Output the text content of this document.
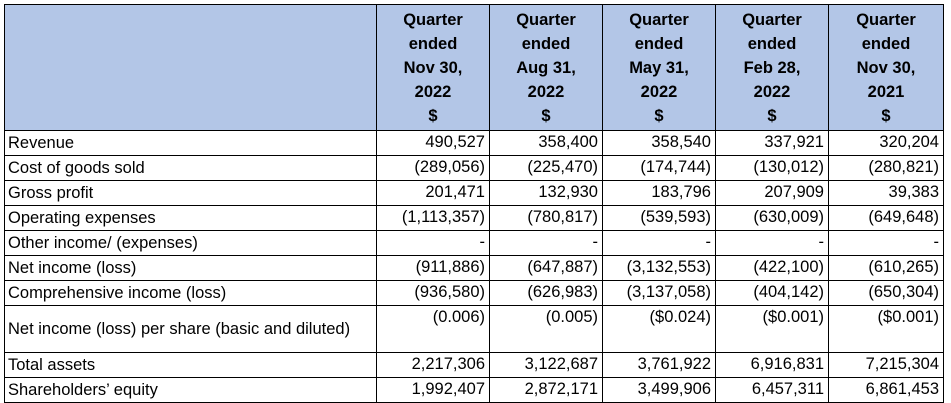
	Quarter
ended
Nov 30,
2022
$	Quarter
ended
Aug 31,
2022
$	Quarter
ended
May 31,
2022
$	Quarter
ended
Feb 28,
2022
$	Quarter
ended
Nov 30,
2021
$

Revenue	490,527	358,400	358,540	337,921	320,204
Cost of goods sold	(289,056)	(225,470)	(174,744)	(130,012)	(280,821)
Gross profit	201,471	132,930	183,796	207,909	39,383
Operating expenses	(1,113,357)	(780,817)	(539,593)	(630,009)	(649,648)
Other income/ (expenses)	-	-	-	-	-
Net income (loss)	(911,886)	(647,887)	(3,132,553)	(422,100)	(610,265)
Comprehensive income (loss)	(936,580)	(626,983)	(3,137,058)	(404,142)	(650,304)
Net income (loss) per share (basic and diluted)	(0.006)	(0.005)	($0.024)	($0.001)	($0.001)
Total assets	2,217,306	3,122,687	3,761,922	6,916,831	7,215,304
Shareholders’ equity	1,992,407	2,872,171	3,499,906	6,457,311	6,861,453
